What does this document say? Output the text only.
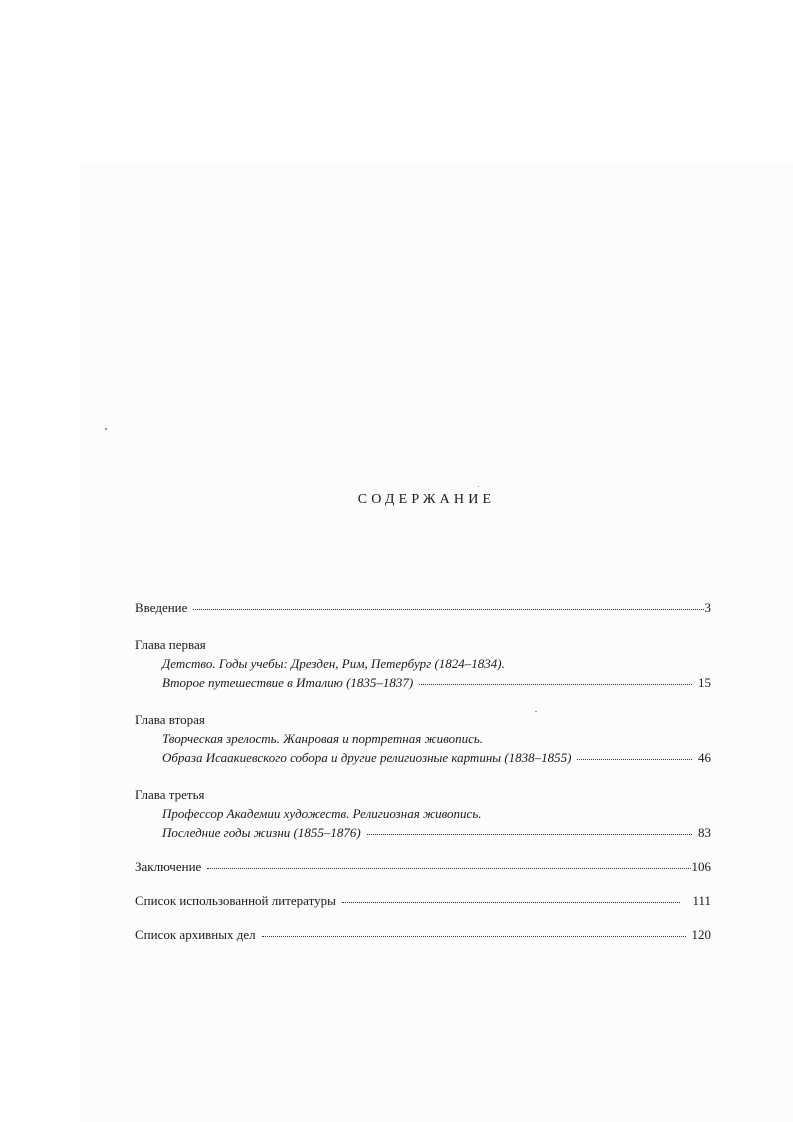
СОДЕРЖАНИЕ
Введение	3
Глава первая
Детство. Годы учебы: Дрезден, Рим, Петербург (1824–1834).
Второе путешествие в Италию (1835–1837)	15
Глава вторая
Творческая зрелость. Жанровая и портретная живопись.
Образа Исаакиевского собора и другие религиозные картины (1838–1855)	46
Глава третья
Профессор Академии художеств. Религиозная живопись.
Последние годы жизни (1855–1876)	83
Заключение	106
Список использованной литературы	111
Список архивных дел	120
